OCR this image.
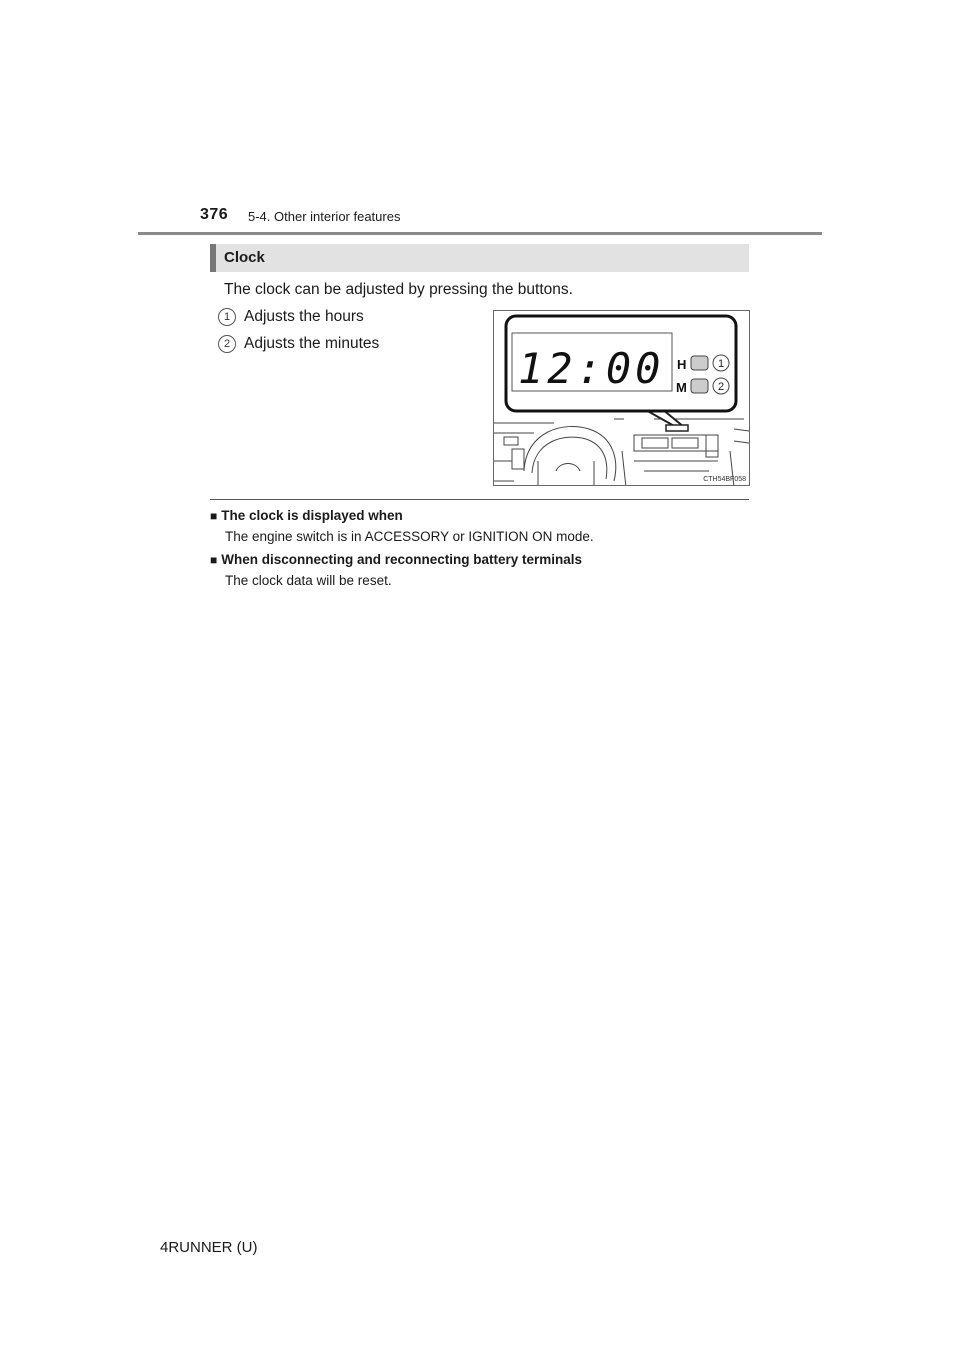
376 5-4. Other interior features
Clock
The clock can be adjusted by pressing the buttons.
1 Adjusts the hours
2 Adjusts the minutes
12:00 H	1
M	2
CTH54BF058
■ The clock is displayed when
The engine switch is in ACCESSORY or IGNITION ON mode.
■ When disconnecting and reconnecting battery terminals
The clock data will be reset.
4RUNNER (U)
